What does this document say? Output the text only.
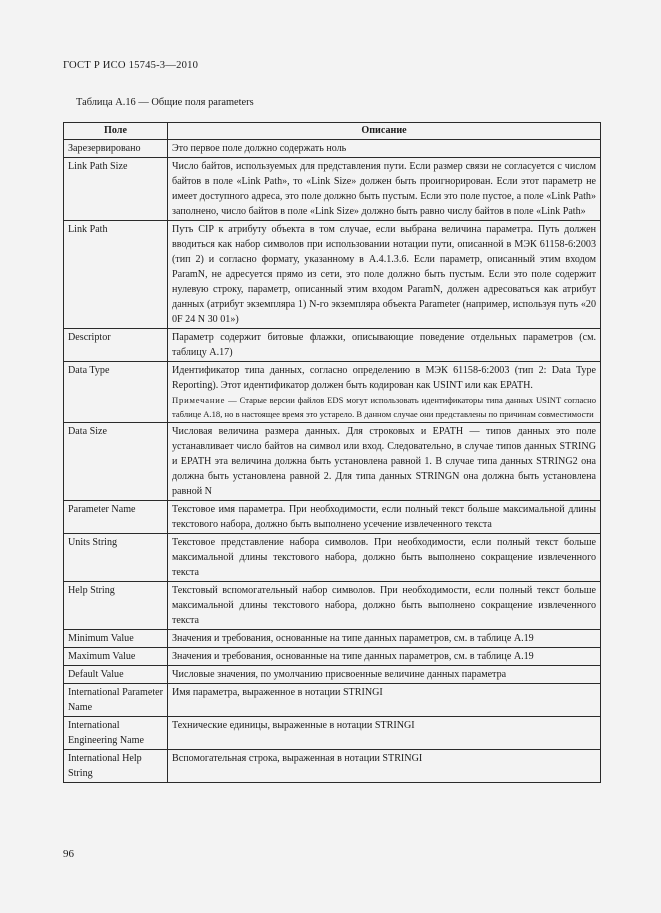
ГОСТ Р ИСО 15745-3—2010
Таблица А.16 — Общие поля parameters
Поле	Описание
Зарезервировано	Это первое поле должно содержать ноль
Link Path Size	Число байтов, используемых для представления пути. Если размер связи не согласуется с числом байтов в поле «Link Path», то «Link Size» должен быть проигнорирован. Если этот параметр не имеет доступного адреса, это поле должно быть пустым. Если это поле пустое, а поле «Link Path» заполнено, число байтов в поле «Link Size» должно быть равно числу байтов в поле «Link Path»
Link Path	Путь CIP к атрибуту объекта в том случае, если выбрана величина параметра. Путь должен вводиться как набор символов при использовании нотации пути, описанной в МЭК 61158-6:2003 (тип 2) и согласно формату, указанному в А.4.1.3.6. Если параметр, описанный этим входом ParamN, не адресуется прямо из сети, это поле должно быть пустым. Если это поле содержит нулевую строку, параметр, описанный этим входом ParamN, должен адресоваться как атрибут данных (атрибут экземпляра 1) N-го экземпляра объекта Parameter (например, используя путь «20 0F 24 N 30 01»)
Descriptor	Параметр содержит битовые флажки, описывающие поведение отдельных параметров (см. таблицу А.17)
Data Type	Идентификатор типа данных, согласно определению в МЭК 61158-6:2003 (тип 2: Data Type Reporting). Этот идентификатор должен быть кодирован как USINT или как EPATH.
Примечание — Старые версии файлов EDS могут использовать идентификаторы типа данных USINT согласно таблице А.18, но в настоящее время это устарело. В данном случае они представлены по причинам совместимости

Data Size	Числовая величина размера данных. Для строковых и EPATH — типов данных это поле устанавливает число байтов на символ или вход. Следовательно, в случае типов данных STRING и EPATH эта величина должна быть установлена равной 1. В случае типа данных STRING2 она должна быть установлена равной 2. Для типа данных STRINGN она должна быть установлена равной N
Parameter Name	Текстовое имя параметра. При необходимости, если полный текст больше максимальной длины текстового набора, должно быть выполнено усечение извлеченного текста
Units String	Текстовое представление набора символов. При необходимости, если полный текст больше максимальной длины текстового набора, должно быть выполнено сокращение извлеченного текста
Help String	Текстовый вспомогательный набор символов. При необходимости, если полный текст больше максимальной длины текстового набора, должно быть выполнено сокращение извлеченного текста
Minimum Value	Значения и требования, основанные на типе данных параметров, см. в таблице А.19
Maximum Value	Значения и требования, основанные на типе данных параметров, см. в таблице А.19
Default Value	Числовые значения, по умолчанию присвоенные величине данных параметра
International Parameter Name	Имя параметра, выраженное в нотации STRINGI
International Engineering Name	Технические единицы, выраженные в нотации STRINGI
International Help String	Вспомогательная строка, выраженная в нотации STRINGI
96
